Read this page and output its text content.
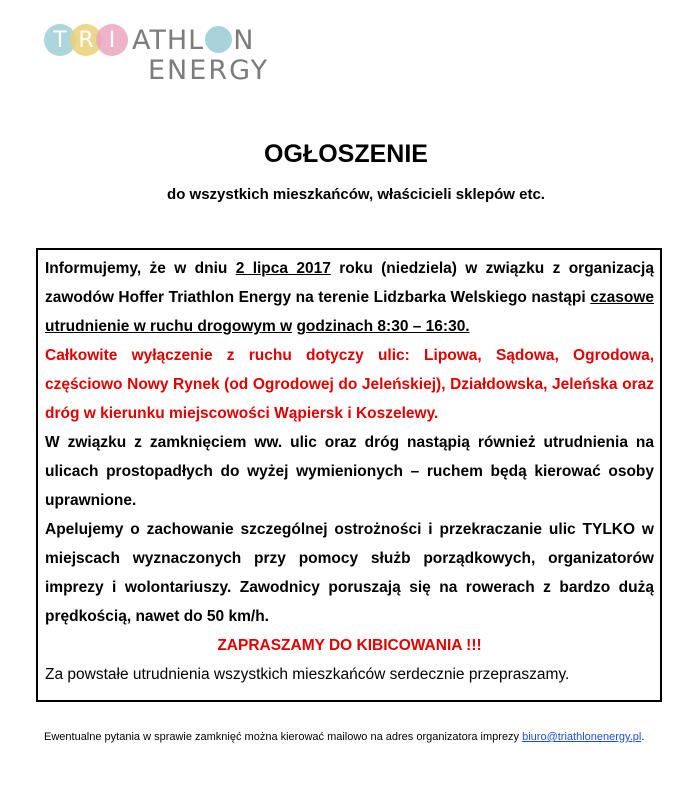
T R I ATHL N
ENERGY
OGŁOSZENIE
do wszystkich mieszkańców, właścicieli sklepów etc.

Informujemy, że w dniu 2 lipca 2017 roku (niedziela) w związku z organizacją zawodów Hoffer Triathlon Energy na terenie Lidzbarka Welskiego nastąpi czasowe utrudnienie w ruchu drogowym w godzinach 8:30 – 16:30.

Całkowite wyłączenie z ruchu dotyczy ulic: Lipowa, Sądowa, Ogrodowa, częściowo Nowy Rynek (od Ogrodowej do Jeleńskiej), Działdowska, Jeleńska oraz dróg w kierunku miejscowości Wąpiersk i Koszelewy.

W związku z zamknięciem ww. ulic oraz dróg nastąpią również utrudnienia na ulicach prostopadłych do wyżej wymienionych – ruchem będą kierować osoby uprawnione.

Apelujemy o zachowanie szczególnej ostrożności i przekraczanie ulic TYLKO w miejscach wyznaczonych przy pomocy służb porządkowych, organizatorów imprezy i wolontariuszy. Zawodnicy poruszają się na rowerach z bardzo dużą prędkością, nawet do 50 km/h.

ZAPRASZAMY DO KIBICOWANIA !!!

Za powstałe utrudnienia wszystkich mieszkańców serdecznie przepraszamy.

Ewentualne pytania w sprawie zamknięć można kierować mailowo na adres organizatora imprezy biuro@triathlonenergy.pl.
